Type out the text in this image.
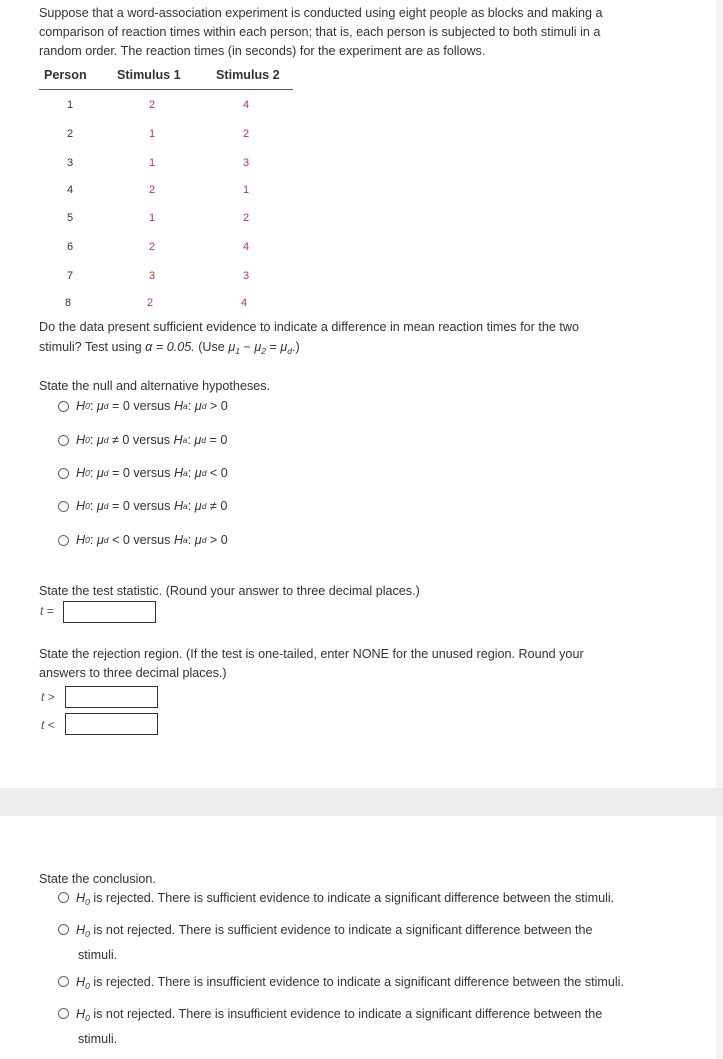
Suppose that a word-association experiment is conducted using eight people as blocks and making a
comparison of reaction times within each person; that is, each person is subjected to both stimuli in a
random order. The reaction times (in seconds) for the experiment are as follows.
Person Stimulus 1	Stimulus 2
1	2	4
2	1	2
3	1	3
4	2	1
5	1	2
6	2	4
7	3	3
8	2	4
Do the data present sufficient evidence to indicate a difference in mean reaction times for the two
stimuli? Test using α = 0.05. (Use $\mu_1 - \mu_2 = \mu_d$.)
State the null and alternative hypotheses.
H 0 : μ d
= 0 versus H a : μ d
> 0
H 0 : μ d
≠ 0 versus H a : μ d
= 0
H 0 : μ d
= 0 versus H a : μ d
< 0
H 0 : μ d
= 0 versus H a : μ d
≠ 0
H 0 : μ d
< 0 versus H a : μ d
> 0
State the test statistic. (Round your answer to three decimal places.)
t =
State the rejection region. (If the test is one-tailed, enter NONE for the unused region. Round your
answers to three decimal places.)
t >
t <
State the conclusion.
$H_0$ is rejected. There is sufficient evidence to indicate a significant difference between the stimuli.
$H_0$ is not rejected. There is sufficient evidence to indicate a significant difference between the
stimuli.
$H_0$ is rejected. There is insufficient evidence to indicate a significant difference between the stimuli.
$H_0$ is not rejected. There is insufficient evidence to indicate a significant difference between the
stimuli.
